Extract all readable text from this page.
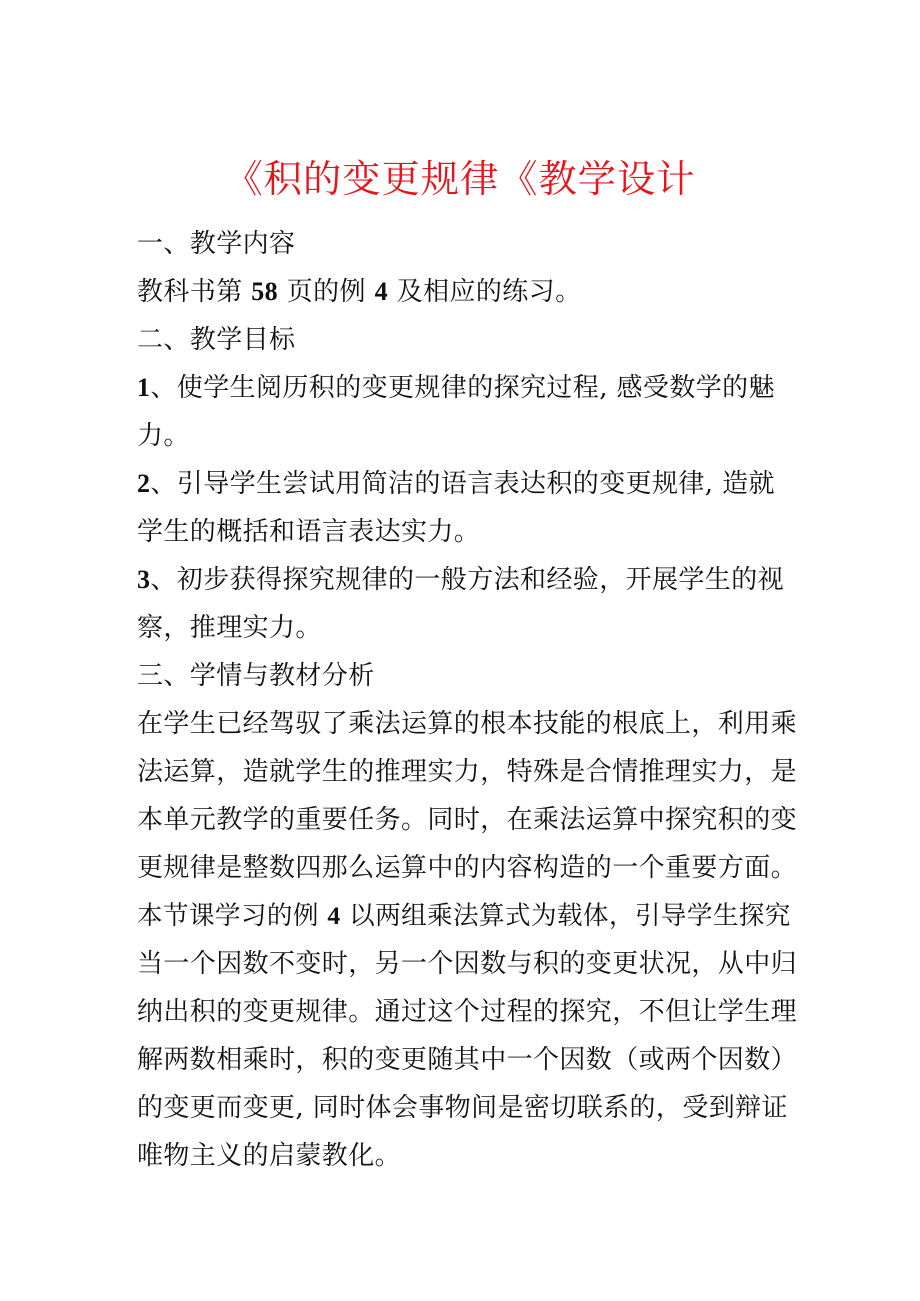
《积的变更规律《教学设计
一、教学内容
教科书第 58 页的例 4 及相应的练习。
二、教学目标
1、使学生阅历积的变更规律的探究过程, 感受数学的魅
力。
2、引导学生尝试用简洁的语言表达积的变更规律, 造就
学生的概括和语言表达实力。
3、初步获得探究规律的一般方法和经验，开展学生的视
察，推理实力。
三、学情与教材分析
在学生已经驾驭了乘法运算的根本技能的根底上，利用乘
法运算，造就学生的推理实力，特殊是合情推理实力，是
本单元教学的重要任务。同时，在乘法运算中探究积的变
更规律是整数四那么运算中的内容构造的一个重要方面。
本节课学习的例 4 以两组乘法算式为载体，引导学生探究
当一个因数不变时，另一个因数与积的变更状况，从中归
纳出积的变更规律。通过这个过程的探究，不但让学生理
解两数相乘时，积的变更随其中一个因数（或两个因数）
的变更而变更, 同时体会事物间是密切联系的，受到辩证
唯物主义的启蒙教化。
